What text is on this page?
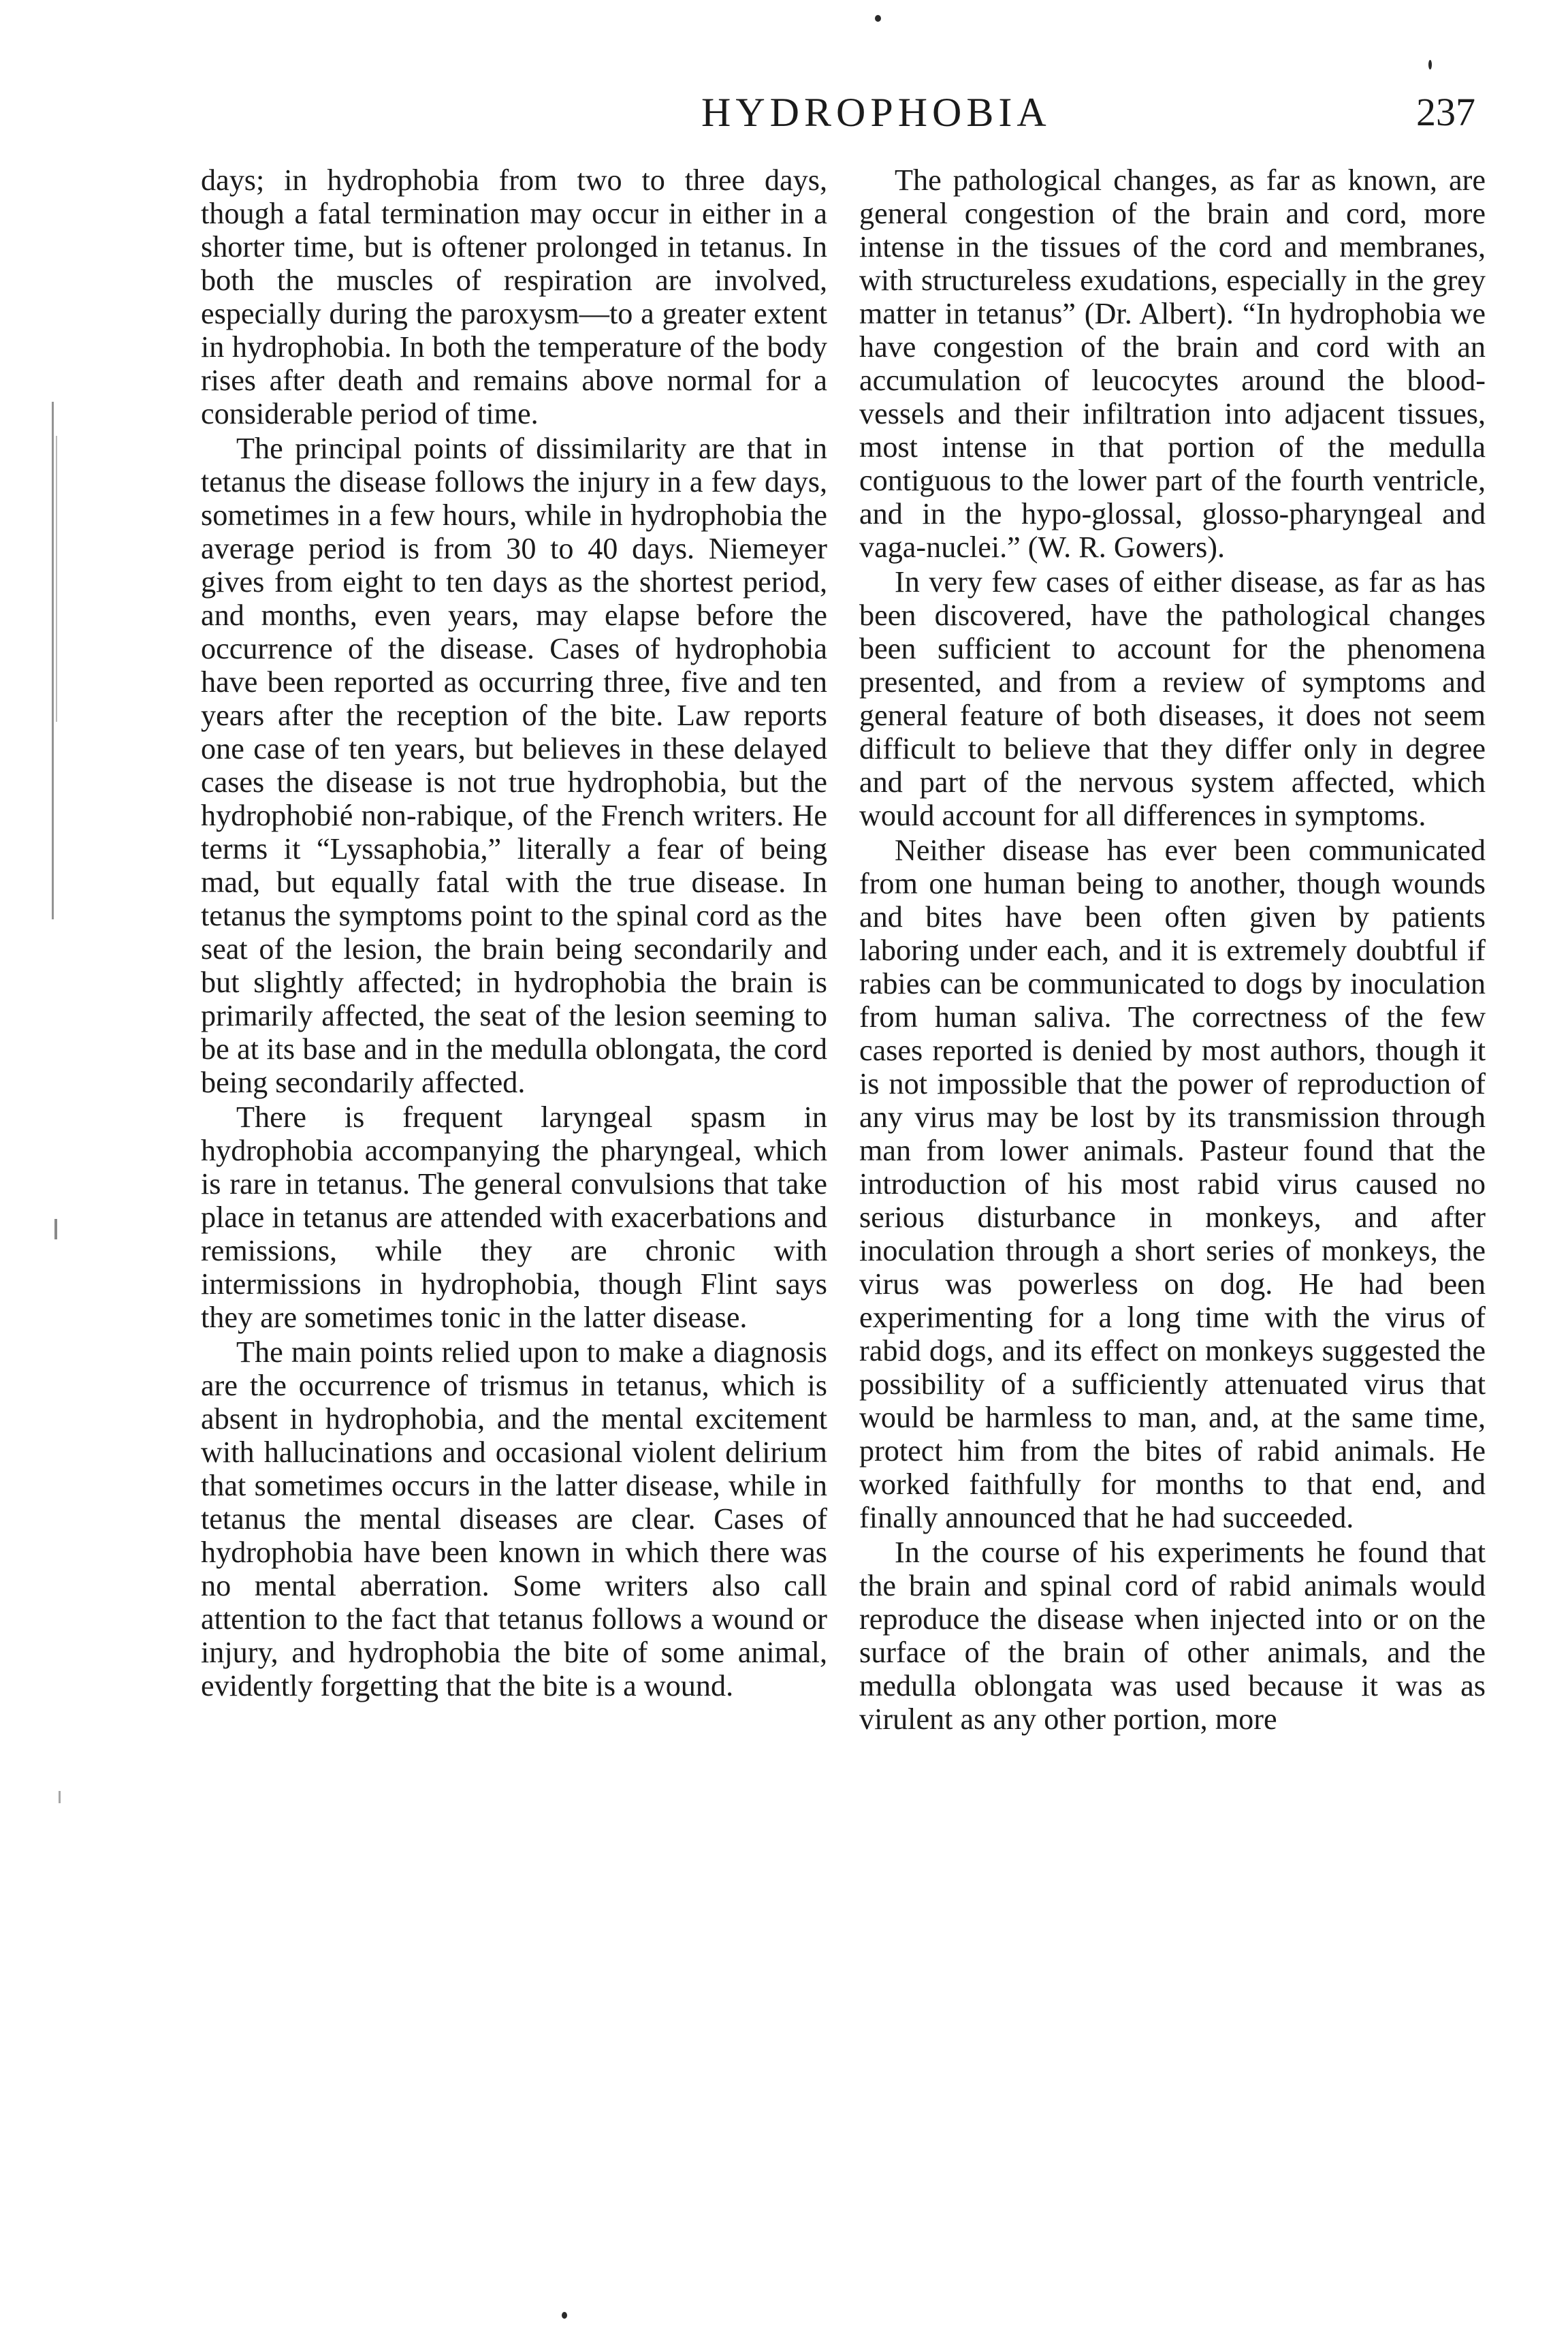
HYDROPHOBIA	237

days; in hydrophobia from two to three days, though a fatal termination may occur in either in a shorter time, but is oftener prolonged in tetanus. In both the muscles of respiration are involved, especially during the paroxysm—to a greater extent in hydrophobia. In both the temperature of the body rises after death and remains above normal for a considerable period of time.

The principal points of dissimilarity are that in tetanus the disease follows the injury in a few days, sometimes in a few hours, while in hydrophobia the average period is from 30 to 40 days. Niemeyer gives from eight to ten days as the shortest period, and months, even years, may elapse before the occurrence of the disease. Cases of hydrophobia have been reported as occurring three, five and ten years after the reception of the bite. Law reports one case of ten years, but believes in these delayed cases the disease is not true hydrophobia, but the hydrophobié non-rabique, of the French writers. He terms it “Lyssaphobia,” literally a fear of being mad, but equally fatal with the true disease. In tetanus the symptoms point to the spinal cord as the seat of the lesion, the brain being secondarily and but slightly affected; in hydrophobia the brain is primarily affected, the seat of the lesion seeming to be at its base and in the medulla oblongata, the cord being secondarily affected.

There is frequent laryngeal spasm in hydrophobia accompanying the pharyngeal, which is rare in tetanus. The general convulsions that take place in tetanus are attended with exacerbations and remissions, while they are chronic with intermissions in hydrophobia, though Flint says they are sometimes tonic in the latter disease.

The main points relied upon to make a diagnosis are the occurrence of trismus in tetanus, which is absent in hydrophobia, and the mental excitement with hallucinations and occasional violent delirium that sometimes occurs in the latter disease, while in tetanus the mental diseases are clear. Cases of hydrophobia have been known in which there was no mental aberration. Some writers also call attention to the fact that tetanus follows a wound or injury, and hydrophobia the bite of some animal, evidently forgetting that the bite is a wound.

The pathological changes, as far as known, are general congestion of the brain and cord, more intense in the tissues of the cord and membranes, with structureless exudations, especially in the grey matter in tetanus” (Dr. Albert). “In hydrophobia we have congestion of the brain and cord with an accumulation of leucocytes around the blood-vessels and their infiltration into adjacent tissues, most intense in that portion of the medulla contiguous to the lower part of the fourth ventricle, and in the hypo-glossal, glosso-pharyngeal and vaga-nuclei.” (W. R. Gowers).

In very few cases of either disease, as far as has been discovered, have the pathological changes been sufficient to account for the phenomena presented, and from a review of symptoms and general feature of both diseases, it does not seem difficult to believe that they differ only in degree and part of the nervous system affected, which would account for all differences in symptoms.

Neither disease has ever been communicated from one human being to another, though wounds and bites have been often given by patients laboring under each, and it is extremely doubtful if rabies can be communicated to dogs by inoculation from human saliva. The correctness of the few cases reported is denied by most authors, though it is not impossible that the power of reproduction of any virus may be lost by its transmission through man from lower animals. Pasteur found that the introduction of his most rabid virus caused no serious disturbance in monkeys, and after inoculation through a short series of monkeys, the virus was powerless on dog. He had been experimenting for a long time with the virus of rabid dogs, and its effect on monkeys suggested the possibility of a sufficiently attenuated virus that would be harmless to man, and, at the same time, protect him from the bites of rabid animals. He worked faithfully for months to that end, and finally announced that he had succeeded.

In the course of his experiments he found that the brain and spinal cord of rabid animals would reproduce the disease when injected into or on the surface of the brain of other animals, and the medulla oblongata was used because it was as virulent as any other portion, more
